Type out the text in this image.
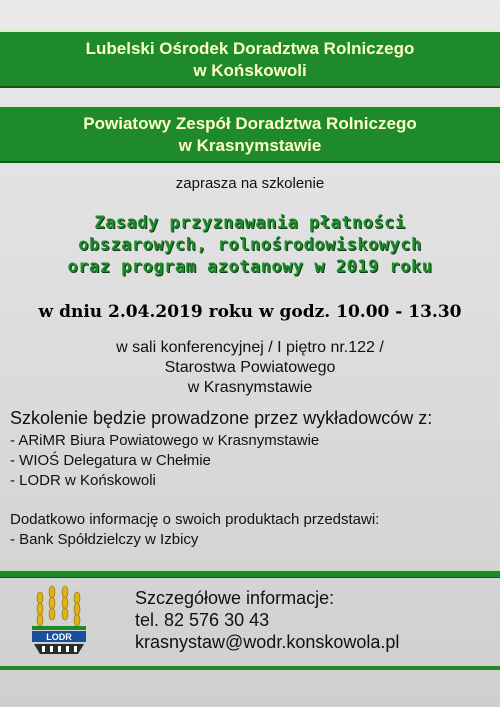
Lubelski Ośrodek Doradztwa Rolniczego
w Końskowoli
Powiatowy Zespół Doradztwa Rolniczego
w Krasnymstawie
zaprasza na szkolenie
Zasady przyznawania płatności
obszarowych, rolnośrodowiskowych
oraz program azotanowy w 2019 roku
w dniu 2.04.2019 roku w godz. 10.00 - 13.30
w sali konferencyjnej / I piętro nr.122 /
Starostwa Powiatowego
w Krasnymstawie
Szkolenie będzie prowadzone przez wykładowców z:
- ARiMR Biura Powiatowego w Krasnymstawie
- WIOŚ Delegatura w Chełmie
- LODR w Końskowoli
Dodatkowo informację o swoich produktach przedstawi:
- Bank Spółdzielczy w Izbicy
LODR
Szczegółowe informacje:
tel. 82 576 30 43
krasnystaw@wodr.konskowola.pl
